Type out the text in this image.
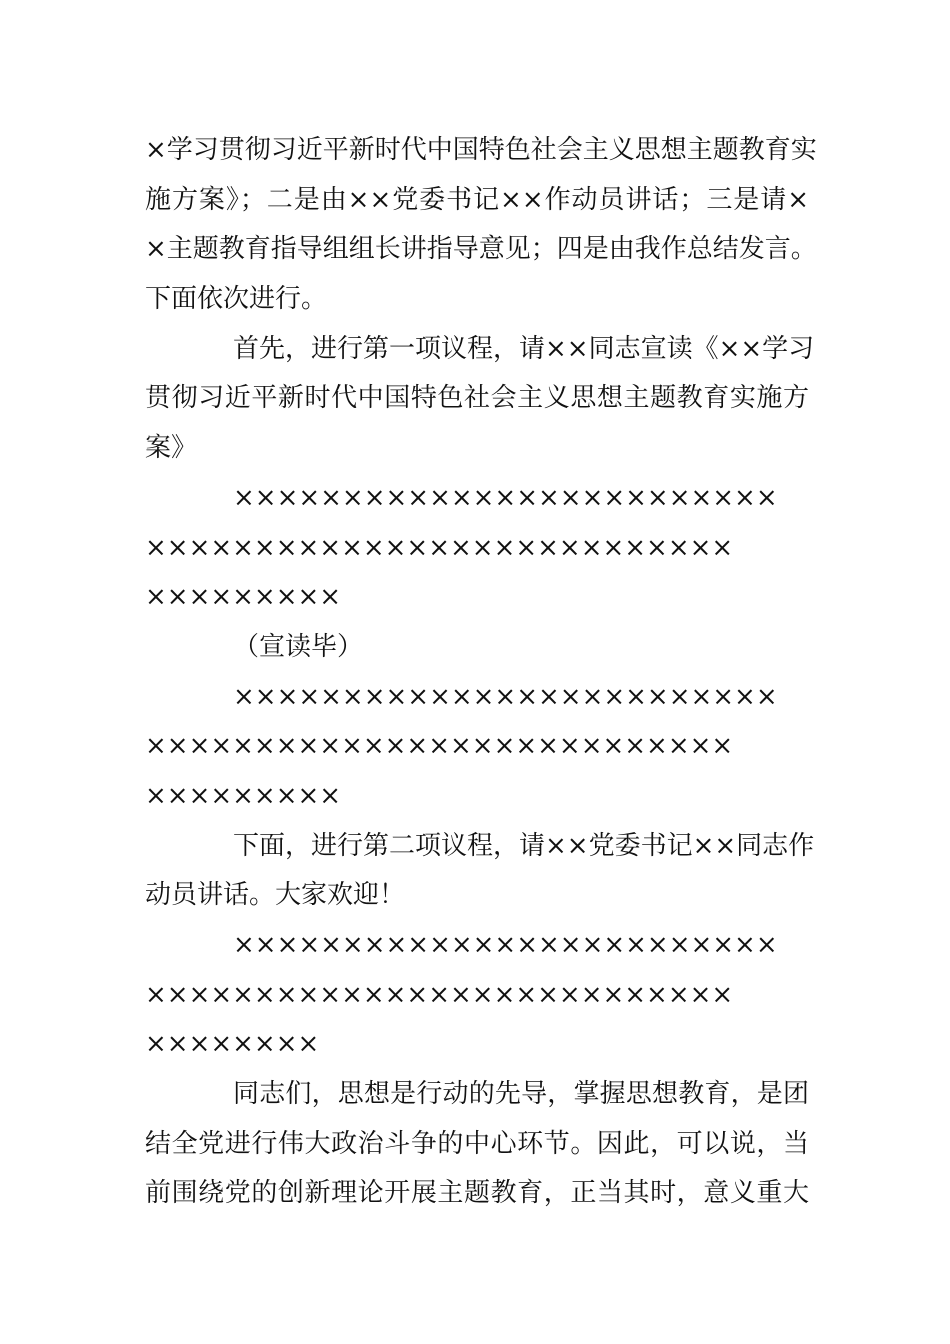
×学习贯彻习近平新时代中国特色社会主义思想主题教育实
施方案》；二是由××党委书记××作动员讲话；三是请×
×主题教育指导组组长讲指导意见；四是由我作总结发言。
下面依次进行。
首先，进行第一项议程，请××同志宣读《××学习
贯彻习近平新时代中国特色社会主义思想主题教育实施方
案》
×××××××××××××××××××××××××
×××××××××××××××××××××××××××
×××××××××
（宣读毕）
×××××××××××××××××××××××××
×××××××××××××××××××××××××××
×××××××××
下面，进行第二项议程，请××党委书记××同志作
动员讲话。大家欢迎！
×××××××××××××××××××××××××
×××××××××××××××××××××××××××
××××××××
同志们，思想是行动的先导，掌握思想教育，是团
结全党进行伟大政治斗争的中心环节。因此，可以说，当
前围绕党的创新理论开展主题教育，正当其时，意义重大
